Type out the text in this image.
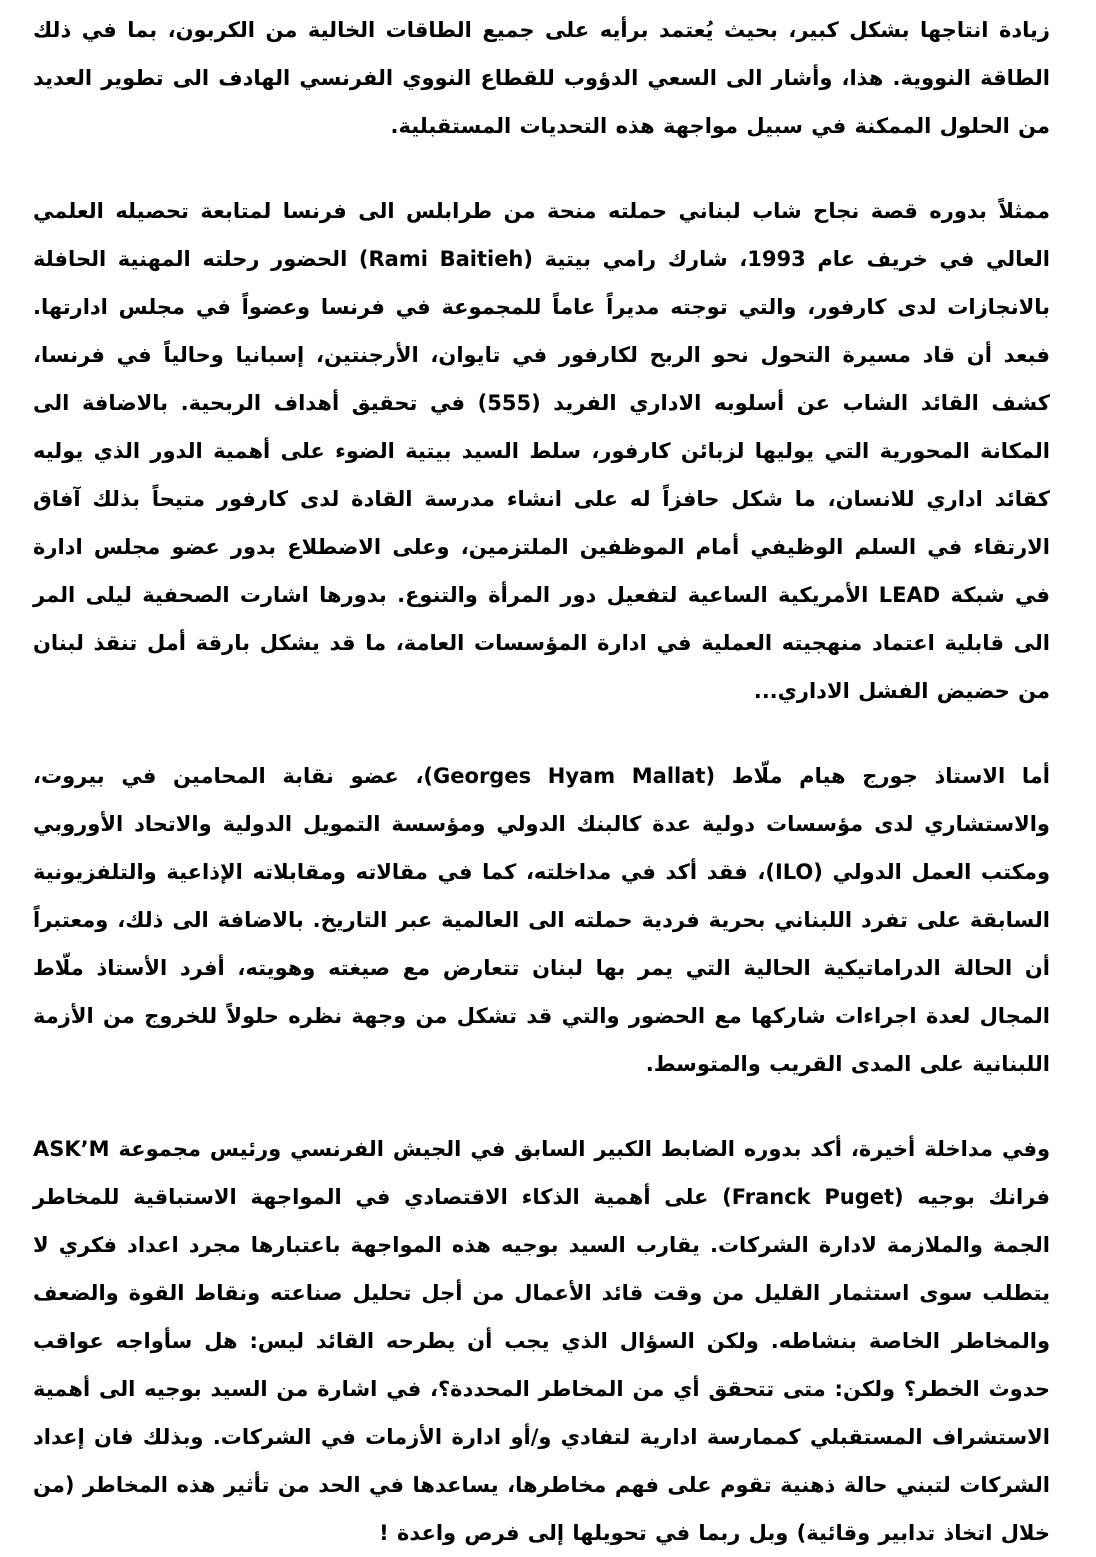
زيادة انتاجها بشكل كبير، بحيث يُعتمد برأيه على جميع الطاقات الخالية من الكربون، بما في ذلك الطاقة النووية. هذا، وأشار الى السعي الدؤوب للقطاع النووي الفرنسي الهادف الى تطوير العديد من الحلول الممكنة في سبيل مواجهة هذه التحديات المستقبلية.

ممثلاً بدوره قصة نجاح شاب لبناني حملته منحة من طرابلس الى فرنسا لمتابعة تحصيله العلمي العالي في خريف عام 1993، شارك رامي بيتية (Rami Baitieh) الحضور رحلته المهنية الحافلة بالانجازات لدى كارفور، والتي توجته مديراً عاماً للمجموعة في فرنسا وعضواً في مجلس ادارتها. فبعد أن قاد مسيرة التحول نحو الربح لكارفور في تايوان، الأرجنتين، إسبانيا وحالياً في فرنسا، كشف القائد الشاب عن أسلوبه الاداري الفريد (555) في تحقيق أهداف الربحية. بالاضافة الى المكانة المحورية التي يوليها لزبائن كارفور، سلط السيد بيتية الضوء على أهمية الدور الذي يوليه كقائد اداري للانسان، ما شكل حافزاً له على انشاء مدرسة القادة لدى كارفور متيحاً بذلك آفاق الارتقاء في السلم الوظيفي أمام الموظفين الملتزمين، وعلى الاضطلاع بدور عضو مجلس ادارة في شبكة LEAD الأمريكية الساعية لتفعيل دور المرأة والتنوع. بدورها اشارت الصحفية ليلى المر الى قابلية اعتماد منهجيته العملية في ادارة المؤسسات العامة، ما قد يشكل بارقة أمل تنقذ لبنان من حضيض الفشل الاداري...

أما الاستاذ جورج هيام ملّاط (Georges Hyam Mallat)، عضو نقابة المحامين في بيروت، والاستشاري لدى مؤسسات دولية عدة كالبنك الدولي ومؤسسة التمويل الدولية والاتحاد الأوروبي ومكتب العمل الدولي (ILO)، فقد أكد في مداخلته، كما في مقالاته ومقابلاته الإذاعية والتلفزيونية السابقة على تفرد اللبناني بحرية فردية حملته الى العالمية عبر التاريخ. بالاضافة الى ذلك، ومعتبراً أن الحالة الدراماتيكية الحالية التي يمر بها لبنان تتعارض مع صيغته وهويته، أفرد الأستاذ ملّاط المجال لعدة اجراءات شاركها مع الحضور والتي قد تشكل من وجهة نظره حلولاً للخروج من الأزمة اللبنانية على المدى القريب والمتوسط.

وفي مداخلة أخيرة، أكد بدوره الضابط الكبير السابق في الجيش الفرنسي ورئيس مجموعة ASK’M فرانك بوجيه (Franck Puget) على أهمية الذكاء الاقتصادي في المواجهة الاستباقية للمخاطر الجمة والملازمة لادارة الشركات. يقارب السيد بوجيه هذه المواجهة باعتبارها مجرد اعداد فكري لا يتطلب سوى استثمار القليل من وقت قائد الأعمال من أجل تحليل صناعته ونقاط القوة والضعف والمخاطر الخاصة بنشاطه. ولكن السؤال الذي يجب أن يطرحه القائد ليس: هل سأواجه عواقب حدوث الخطر؟ ولكن: متى تتحقق أي من المخاطر المحددة؟، في اشارة من السيد بوجيه الى أهمية الاستشراف المستقبلي كممارسة ادارية لتفادي و/أو ادارة الأزمات في الشركات. وبذلك فان إعداد الشركات لتبني حالة ذهنية تقوم على فهم مخاطرها، يساعدها في الحد من تأثير هذه المخاطر (من خلال اتخاذ تدابير وقائية) وبل ربما في تحويلها إلى فرص واعدة !
